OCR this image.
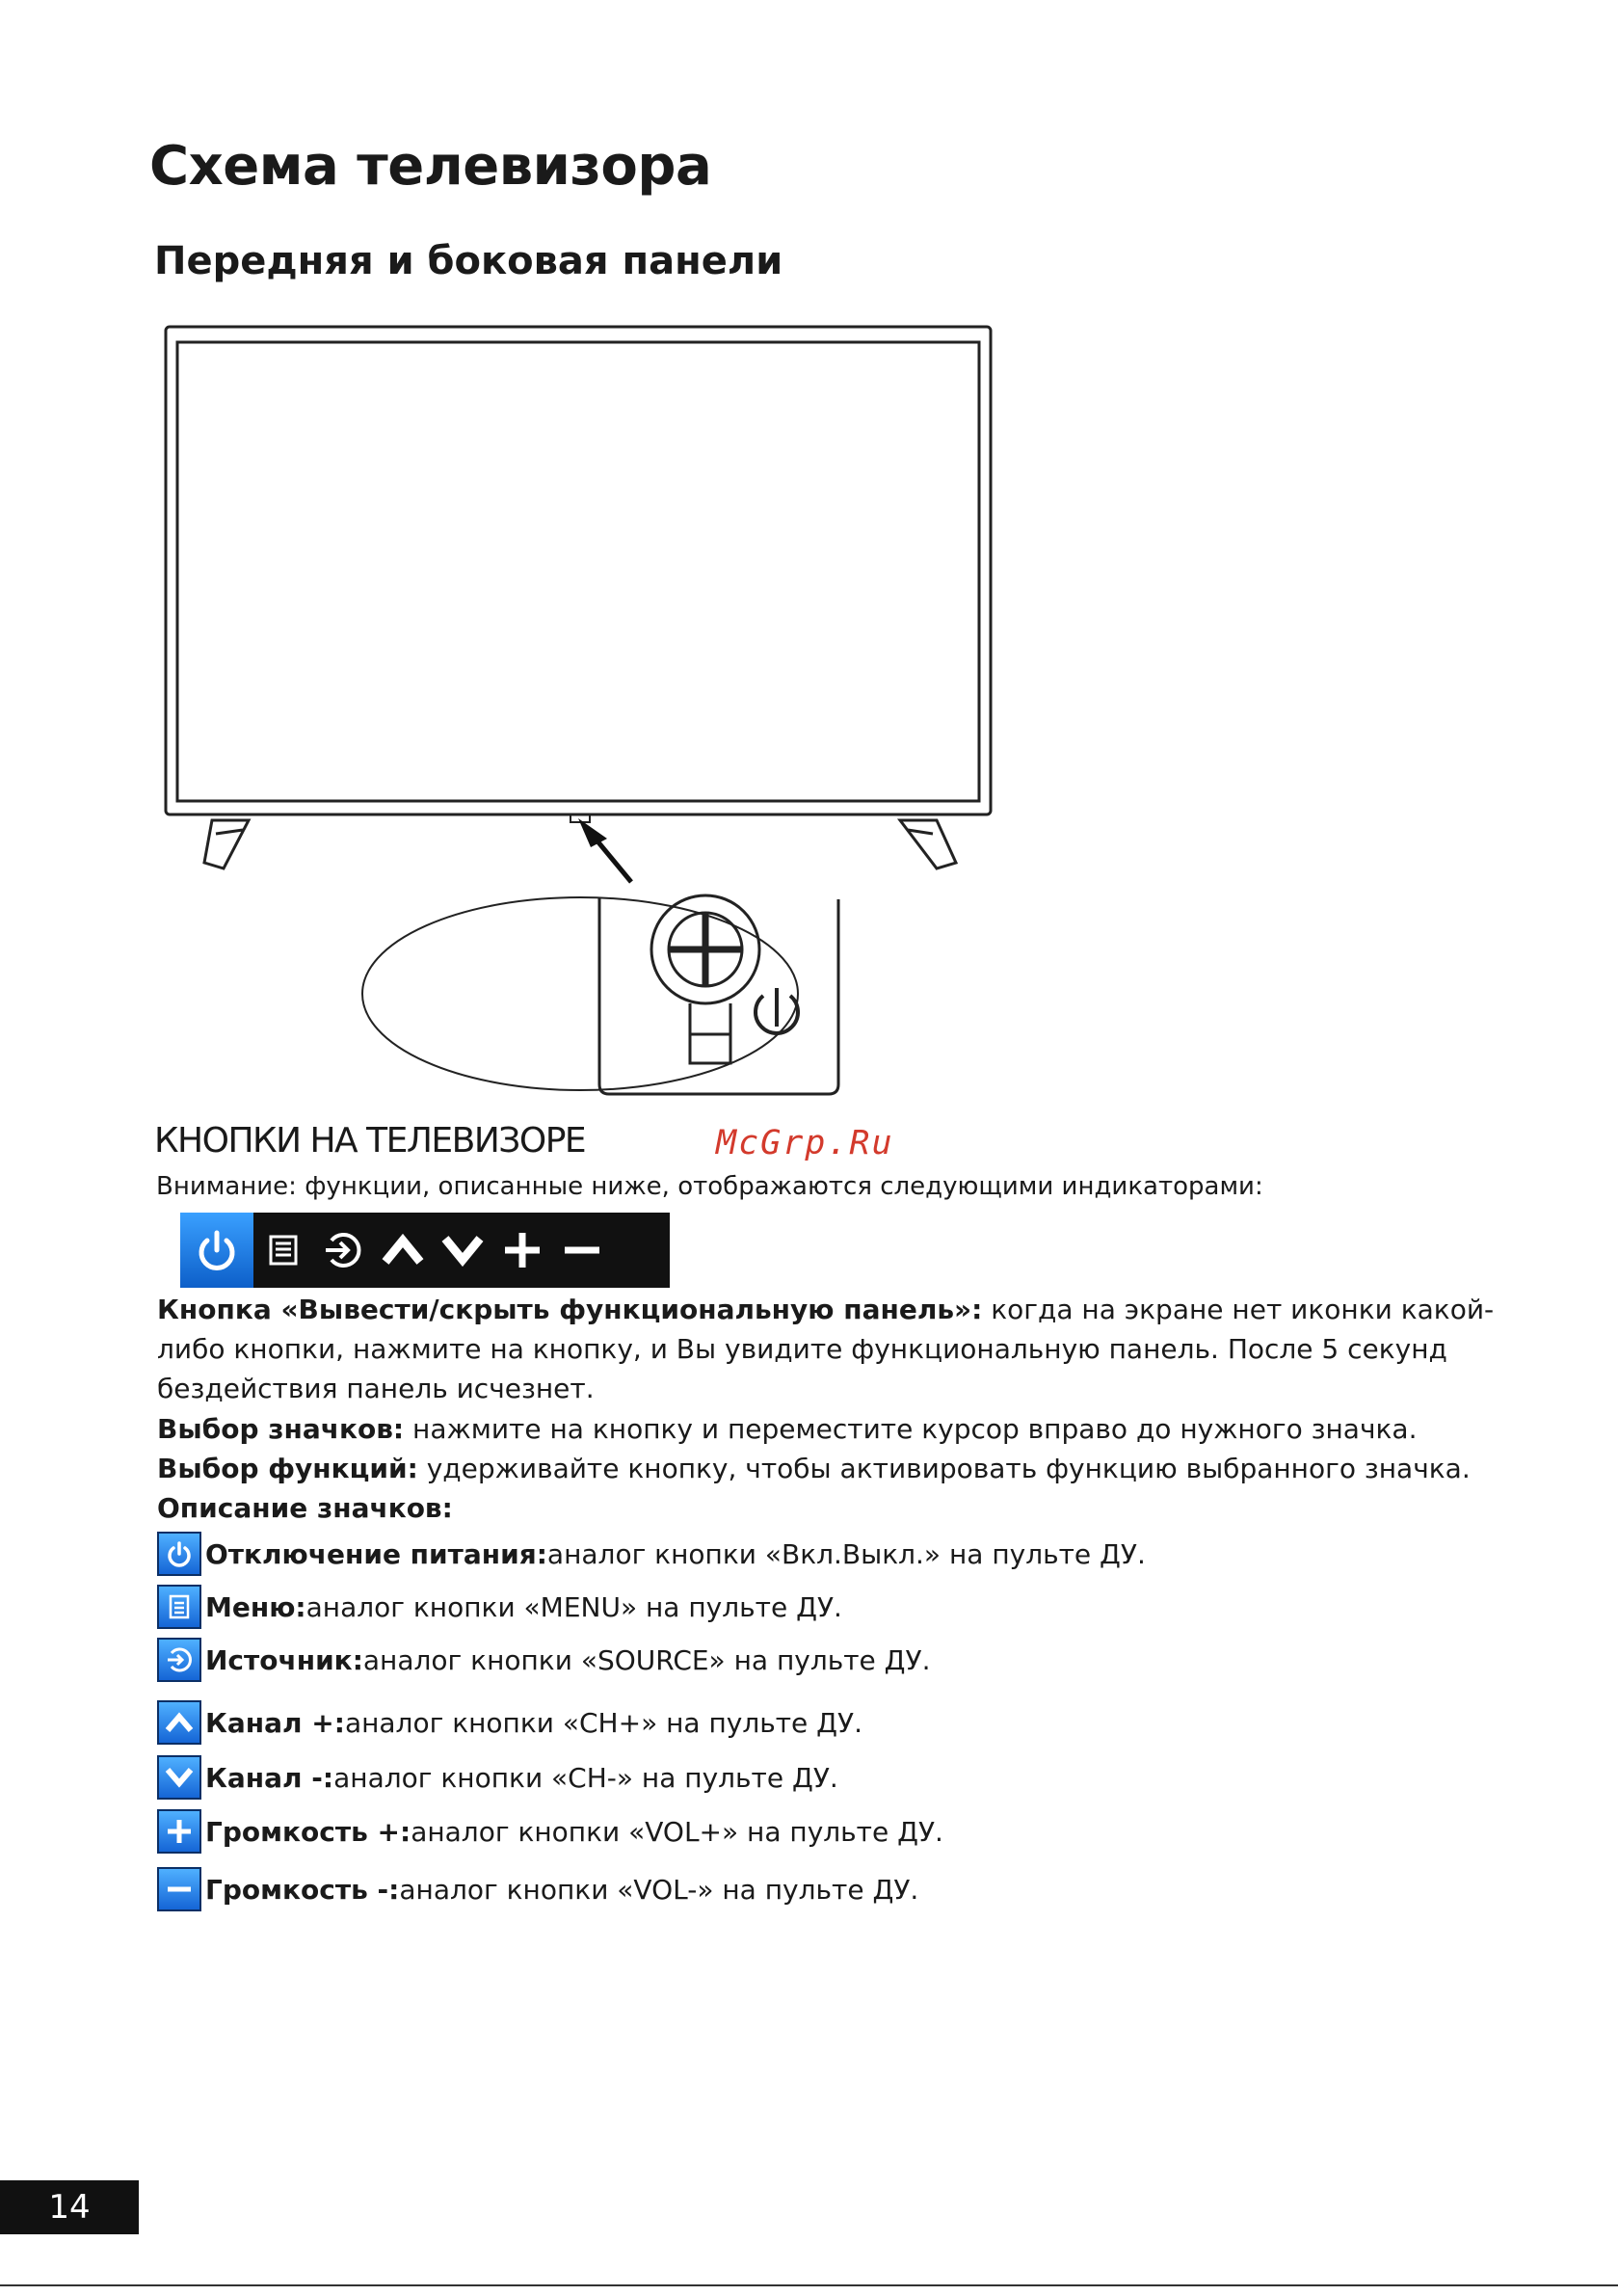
Схема телевизора
Передняя и боковая панели
КНОПКИ НА ТЕЛЕВИЗОРЕ	McGrp.Ru
Внимание: функции, описанные ниже, отображаются следующими индикаторами:
Кнопка «Вывести/скрыть функциональную панель»: когда на экране нет иконки какой-либо кнопки, нажмите на кнопку, и Вы увидите функциональную панель. После 5 секунд бездействия панель исчезнет.
Выбор значков: нажмите на кнопку и переместите курсор вправо до нужного значка.
Выбор функций: удерживайте кнопку, чтобы активировать функцию выбранного значка.
Описание значков:
Отключение питания: аналог кнопки «Вкл.Выкл.» на пульте ДУ.
Меню: аналог кнопки «MENU» на пульте ДУ.
Источник: аналог кнопки «SOURCE» на пульте ДУ.
Канал +: аналог кнопки «CH+» на пульте ДУ.
Канал -: аналог кнопки «CH-» на пульте ДУ.
Громкость +: аналог кнопки «VOL+» на пульте ДУ.
Громкость -: аналог кнопки «VOL-» на пульте ДУ.
14
